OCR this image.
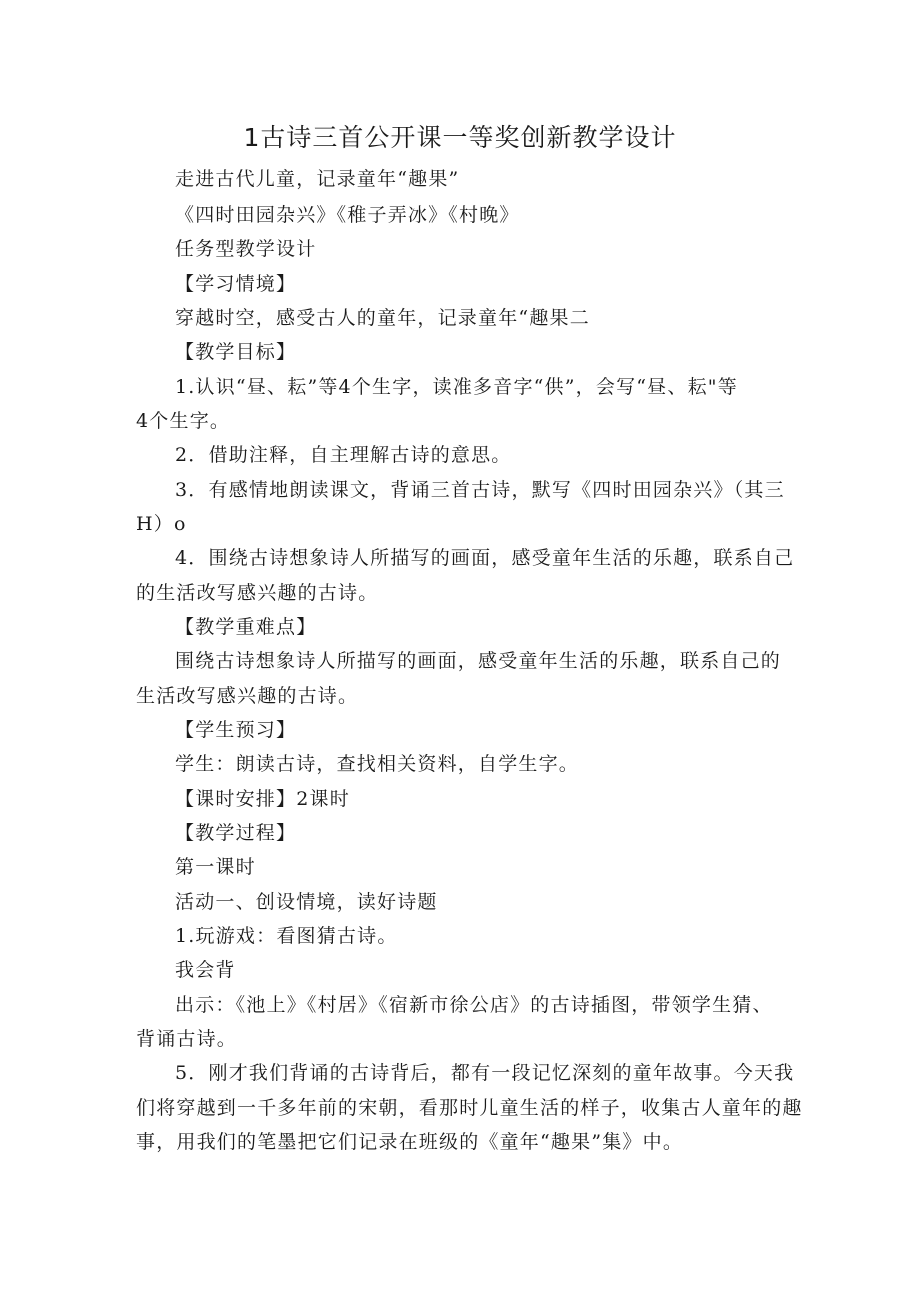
1古诗三首公开课一等奖创新教学设计

走进古代儿童，记录童年“趣果”

《四时田园杂兴》《稚子弄冰》《村晚》

任务型教学设计

【学习情境】

穿越时空，感受古人的童年，记录童年“趣果二

【教学目标】

1.认识“昼、耘”等4个生字，读准多音字“供”，会写“昼、耘"等

4个生字。

2．借助注释，自主理解古诗的意思。

3．有感情地朗读课文，背诵三首古诗，默写《四时田园杂兴》（其三

H）o

4．围绕古诗想象诗人所描写的画面，感受童年生活的乐趣，联系自己

的生活改写感兴趣的古诗。

【教学重难点】

围绕古诗想象诗人所描写的画面，感受童年生活的乐趣，联系自己的

生活改写感兴趣的古诗。

【学生预习】

学生：朗读古诗，查找相关资料，自学生字。

【课时安排】2课时

【教学过程】

第一课时

活动一、创设情境，读好诗题

1.玩游戏：看图猜古诗。

我会背

出示：《池上》《村居》《宿新市徐公店》的古诗插图，带领学生猜、

背诵古诗。

5．刚才我们背诵的古诗背后，都有一段记忆深刻的童年故事。今天我

们将穿越到一千多年前的宋朝，看那时儿童生活的样子，收集古人童年的趣

事，用我们的笔墨把它们记录在班级的《童年“趣果”集》中。
